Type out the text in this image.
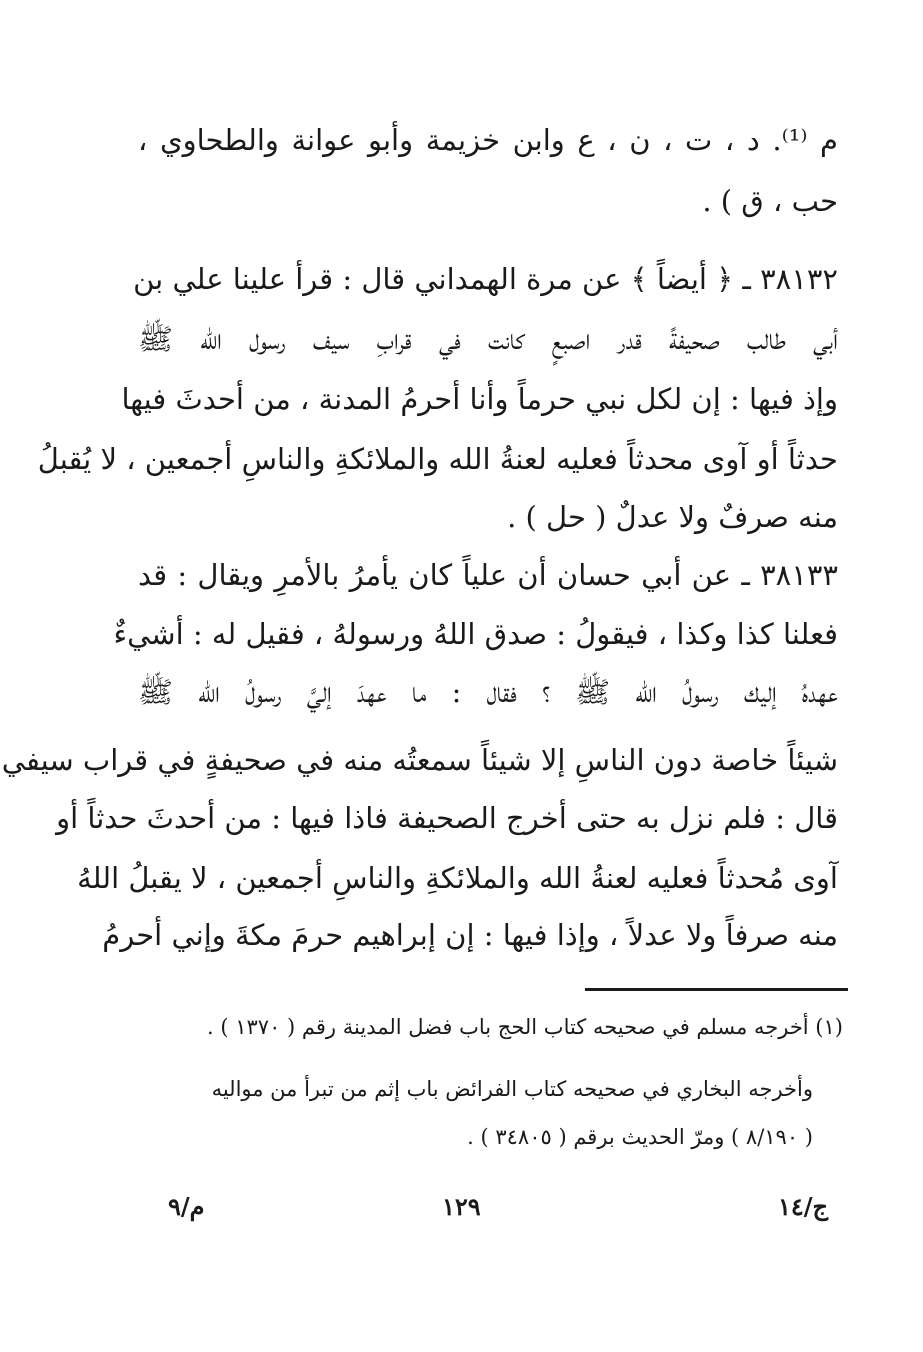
م ⁽¹⁾. د ، ت ، ن ، ع وابن خزيمة وأبو عوانة والطحاوي ،
حب ، ق ) .
٣٨١٣٢ ـ ﴿ أيضاً ﴾ عن مرة الهمداني قال : قرأ علينا علي بن
أبي طالب صحيفةً قدر اصبعٍ كانت في قرابِ سيف رسول الله ﷺ
وإذ فيها : إن لكل نبي حرماً وأنا أحرمُ المدنة ، من أحدثَ فيها
حدثاً أو آوى محدثاً فعليه لعنةُ الله والملائكةِ والناسِ أجمعين ، لا يُقبلُ
منه صرفٌ ولا عدلٌ ( حل ) .
٣٨١٣٣ ـ عن أبي حسان أن علياً كان يأمرُ بالأمرِ ويقال : قد
فعلنا كذا وكذا ، فيقولُ : صدق اللهُ ورسولهُ ، فقيل له : أشيءٌ
عهدهُ إليك رسولُ الله ﷺ ؟ فقال : ما عهدَ إليَّ رسولُ الله ﷺ
شيئاً خاصة دون الناسِ إلا شيئاً سمعتُه منه في صحيفةٍ في قراب سيفي
قال : فلم نزل به حتى أخرج الصحيفة فاذا فيها : من أحدثَ حدثاً أو
آوى مُحدثاً فعليه لعنةُ الله والملائكةِ والناسِ أجمعين ، لا يقبلُ اللهُ
منه صرفاً ولا عدلاً ، وإذا فيها : إن إبراهيم حرمَ مكةَ وإني أحرمُ
(١) أخرجه مسلم في صحيحه كتاب الحج باب فضل المدينة رقم ( ١٣٧٠ ) .
وأخرجه البخاري في صحيحه كتاب الفرائض باب إثم من تبرأ من مواليه
( ٨/١٩٠ ) ومرّ الحديث برقم ( ٣٤٨٠٥ ) .
ج/١٤
١٢٩
م/٩
